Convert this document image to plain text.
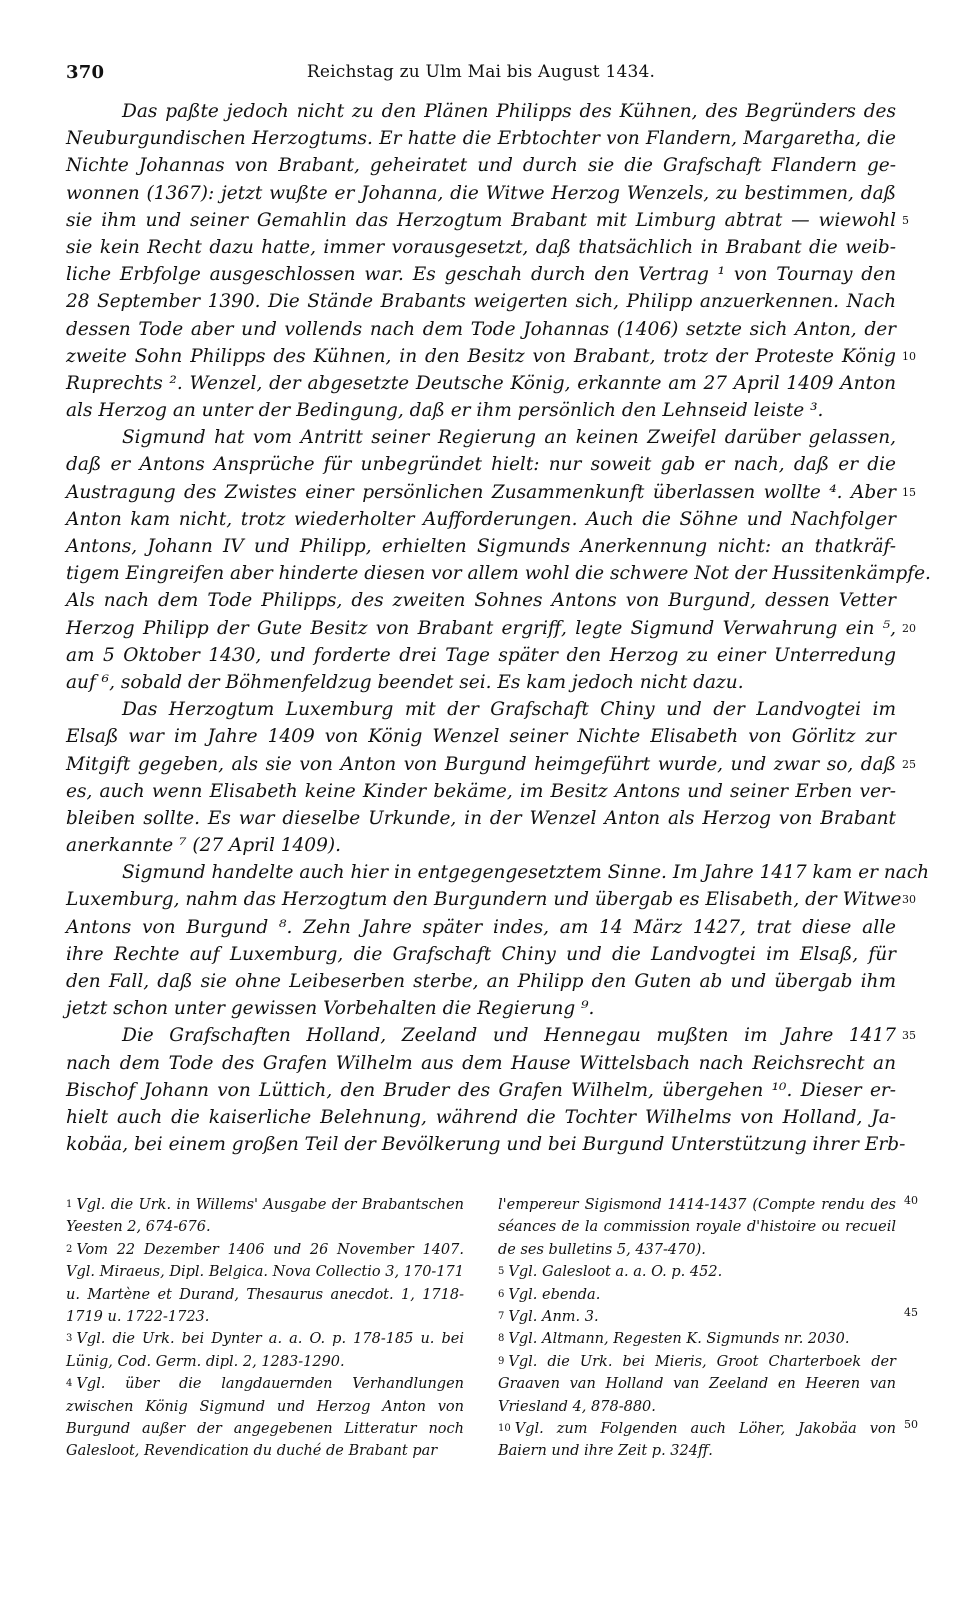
370	Reichstag zu Ulm Mai bis August 1434.
Das paßte jedoch nicht zu den Plänen Philipps des Kühnen, des Begründers des
Neuburgundischen Herzogtums. Er hatte die Erbtochter von Flandern, Margaretha, die
Nichte Johannas von Brabant, geheiratet und durch sie die Grafschaft Flandern ge-
wonnen (1367): jetzt wußte er Johanna, die Witwe Herzog Wenzels, zu bestimmen, daß
sie ihm und seiner Gemahlin das Herzogtum Brabant mit Limburg abtrat — wiewohl 5
sie kein Recht dazu hatte, immer vorausgesetzt, daß thatsächlich in Brabant die weib-
liche Erbfolge ausgeschlossen war. Es geschah durch den Vertrag ¹ von Tournay den
28 September 1390. Die Stände Brabants weigerten sich, Philipp anzuerkennen. Nach
dessen Tode aber und vollends nach dem Tode Johannas (1406) setzte sich Anton, der
zweite Sohn Philipps des Kühnen, in den Besitz von Brabant, trotz der Proteste König 10
Ruprechts ². Wenzel, der abgesetzte Deutsche König, erkannte am 27 April 1409 Anton
als Herzog an unter der Bedingung, daß er ihm persönlich den Lehnseid leiste ³.
Sigmund hat vom Antritt seiner Regierung an keinen Zweifel darüber gelassen,
daß er Antons Ansprüche für unbegründet hielt: nur soweit gab er nach, daß er die
Austragung des Zwistes einer persönlichen Zusammenkunft überlassen wollte ⁴. Aber 15
Anton kam nicht, trotz wiederholter Aufforderungen. Auch die Söhne und Nachfolger
Antons, Johann IV und Philipp, erhielten Sigmunds Anerkennung nicht: an thatkräf-
tigem Eingreifen aber hinderte diesen vor allem wohl die schwere Not der Hussitenkämpfe.
Als nach dem Tode Philipps, des zweiten Sohnes Antons von Burgund, dessen Vetter
Herzog Philipp der Gute Besitz von Brabant ergriff, legte Sigmund Verwahrung ein ⁵, 20
am 5 Oktober 1430, und forderte drei Tage später den Herzog zu einer Unterredung
auf ⁶, sobald der Böhmenfeldzug beendet sei. Es kam jedoch nicht dazu.
Das Herzogtum Luxemburg mit der Grafschaft Chiny und der Landvogtei im
Elsaß war im Jahre 1409 von König Wenzel seiner Nichte Elisabeth von Görlitz zur
Mitgift gegeben, als sie von Anton von Burgund heimgeführt wurde, und zwar so, daß 25
es, auch wenn Elisabeth keine Kinder bekäme, im Besitz Antons und seiner Erben ver-
bleiben sollte. Es war dieselbe Urkunde, in der Wenzel Anton als Herzog von Brabant
anerkannte ⁷ (27 April 1409).
Sigmund handelte auch hier in entgegengesetztem Sinne. Im Jahre 1417 kam er nach
Luxemburg, nahm das Herzogtum den Burgundern und übergab es Elisabeth, der Witwe 30
Antons von Burgund ⁸. Zehn Jahre später indes, am 14 März 1427, trat diese alle
ihre Rechte auf Luxemburg, die Grafschaft Chiny und die Landvogtei im Elsaß, für
den Fall, daß sie ohne Leibeserben sterbe, an Philipp den Guten ab und übergab ihm
jetzt schon unter gewissen Vorbehalten die Regierung ⁹.
Die Grafschaften Holland, Zeeland und Hennegau mußten im Jahre 1417 35
nach dem Tode des Grafen Wilhelm aus dem Hause Wittelsbach nach Reichsrecht an
Bischof Johann von Lüttich, den Bruder des Grafen Wilhelm, übergehen ¹⁰. Dieser er-
hielt auch die kaiserliche Belehnung, während die Tochter Wilhelms von Holland, Ja-
kobäa, bei einem großen Teil der Bevölkerung und bei Burgund Unterstützung ihrer Erb-
$^1$ Vgl. die Urk. in Willems' Ausgabe der Brabantschen Yeesten 2, 674-676.
$^2$ Vom 22 Dezember 1406 und 26 November 1407. Vgl. Miraeus, Dipl. Belgica. Nova Collectio 3, 170-171 u. Martène et Durand, Thesaurus anecdot. 1, 1718-1719 u. 1722-1723.
$^3$ Vgl. die Urk. bei Dynter a. a. O. p. 178-185 u. bei Lünig, Cod. Germ. dipl. 2, 1283-1290.
$^4$ Vgl. über die langdauernden Verhandlungen zwischen König Sigmund und Herzog Anton von Burgund außer der angegebenen Litteratur noch Galesloot, Revendication du duché de Brabant par
l'empereur Sigismond 1414-1437 (Compte rendu des séances de la commission royale d'histoire ou recueil de ses bulletins 5, 437-470).
$^5$ Vgl. Galesloot a. a. O. p. 452.
$^6$ Vgl. ebenda.
$^7$ Vgl. Anm. 3.
$^8$ Vgl. Altmann, Regesten K. Sigmunds nr. 2030.
$^9$ Vgl. die Urk. bei Mieris, Groot Charterboek der Graaven van Holland van Zeeland en Heeren van Vriesland 4, 878-880.
$^{10}$ Vgl. zum Folgenden auch Löher, Jakobäa von Baiern und ihre Zeit p. 324ff.
40
45
50
